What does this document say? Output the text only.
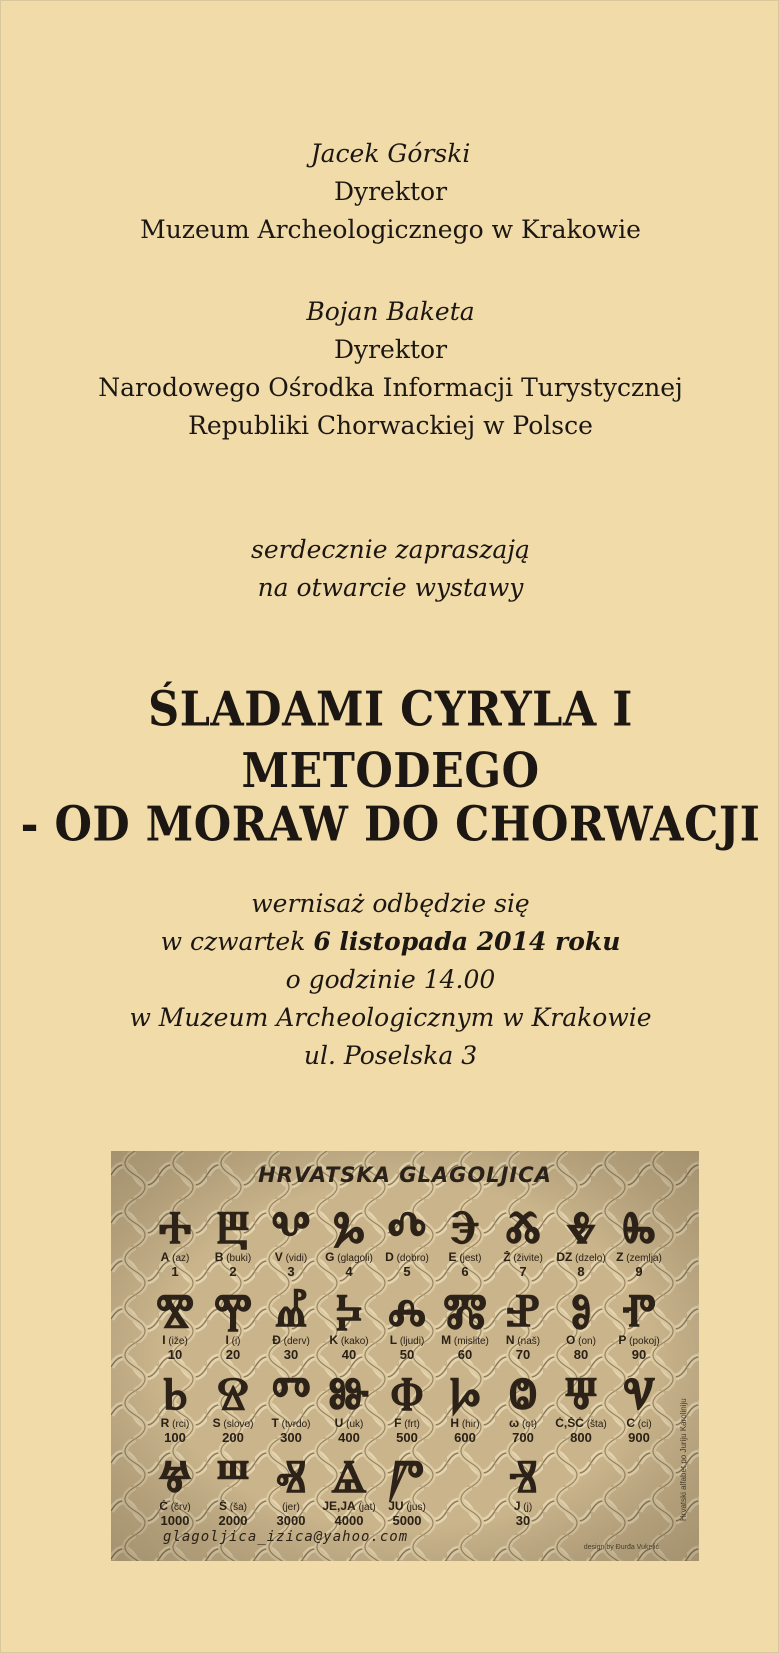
Jacek Górski
Dyrektor
Muzeum Archeologicznego w Krakowie
Bojan Baketa
Dyrektor
Narodowego Ośrodka Informacji Turystycznej
Republiki Chorwackiej w Polsce
serdecznie zapraszają
na otwarcie wystawy
ŚLADAMI CYRYLA I METODEGO
- OD MORAW DO CHORWACJI
wernisaż odbędzie się
w czwartek 6 listopada 2014 roku
o godzinie 14.00
w Muzeum Archeologicznym w Krakowie
ul. Poselska 3
HRVATSKA GLAGOLJICA
Ⰰ
A (az)
1
Ⰱ
B (buki)
2
Ⰲ
V (vidi)
3
Ⰳ
G (glagoli)
4
Ⰴ
D (dobro)
5
Ⰵ
E (jest)
6
Ⰶ
Ž (živite)
7
Ⰷ
DZ (dzelo)
8
Ⰸ
Z (zemlja)
9
Ⰺ
I (iže)
10
Ⰹ
I (i)
20
Ⰼ
Đ (derv)
30
Ⰽ
K (kako)
40
Ⰾ
L (ljudi)
50
Ⰿ
M (mislite)
60
Ⱀ
N (naš)
70
Ⱁ
O (on)
80
Ⱂ
P (pokoj)
90
Ⱃ
R (rci)
100
Ⱄ
S (slovo)
200
Ⱅ
T (tvrdo)
300
Ⱆ
U (uk)
400
Ⱇ
F (frt)
500
Ⱈ
H (hir)
600
Ⱉ
ω (ot)
700
Ⱋ
Ć,ŠĆ (šta)
800
Ⱌ
C (ci)
900
Ⱍ
Č (črv)
1000
Ⱎ
Š (ša)
2000
Ⱏ
(jer)
3000
Ⱑ
JE,JA (jat)
4000
Ⱓ
JU (jus)
5000
Ⱐ
J (j)
30
glagoljica_izica@yahoo.com
Hrvatski alfabet po Juriju Karoliniju
design by Đurđa Vukelić
